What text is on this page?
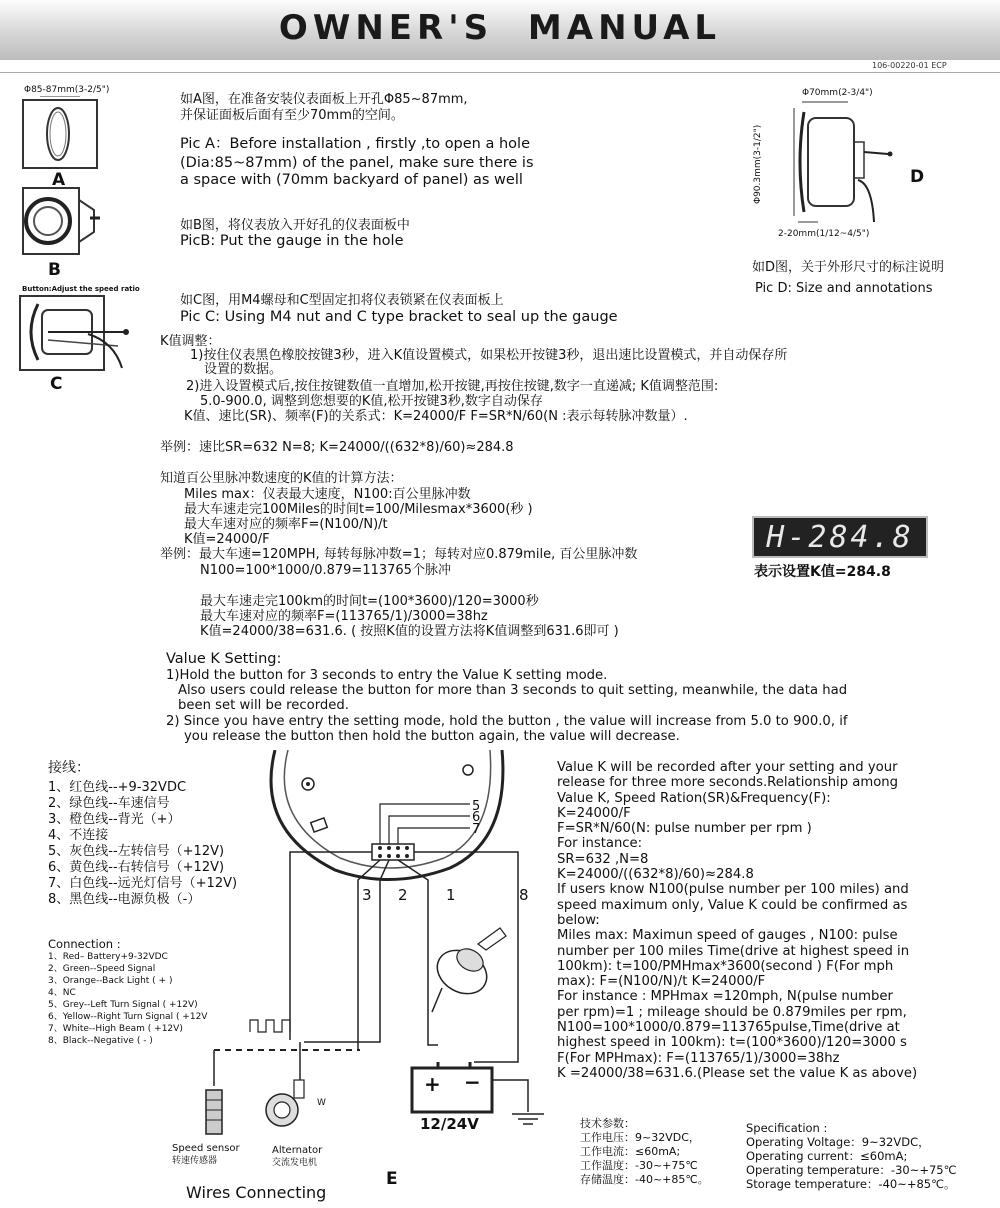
OWNER'S MANUAL
106-00220-01 ECP
Φ85-87mm(3-2/5")
A
B
Button:Adjust the speed ratio
C
如A图，在准备安装仪表面板上开孔Φ85~87mm,
并保证面板后面有至少70mm的空间。
Pic A：Before installation , firstly ,to open a hole
(Dia:85~87mm) of the panel, make sure there is
a space with (70mm backyard of panel) as well
如B图，将仪表放入开好孔的仪表面板中
PicB: Put the gauge in the hole
如C图，用M4螺母和C型固定扣将仪表锁紧在仪表面板上
Pic C: Using M4 nut and C type bracket to seal up the gauge
Φ70mm(2-3/4")
Φ90.3mm(3-1/2")	D
2-20mm(1/12~4/5")
如D图，关于外形尺寸的标注说明
Pic D: Size and annotations
K值调整：
1)按住仪表黑色橡胶按键3秒，进入K值设置模式，如果松开按键3秒，退出速比设置模式，并自动保存所
设置的数据。
2)进入设置模式后,按住按键数值一直增加,松开按键,再按住按键,数字一直递减; K值调整范围:
5.0-900.0, 调整到您想要的K值,松开按键3秒,数字自动保存
K值、速比(SR)、频率(F)的关系式：K=24000/F F=SR*N/60(N :表示每转脉冲数量）.
举例：速比SR=632 N=8; K=24000/((632*8)/60)≈284.8
知道百公里脉冲数速度的K值的计算方法：
Miles max：仪表最大速度，N100:百公里脉冲数
最大车速走完100Miles的时间t=100/Milesmax*3600(秒 )
最大车速对应的频率F=(N100/N)/t
K值=24000/F
举例：最大车速=120MPH, 每转每脉冲数=1；每转对应0.879mile, 百公里脉冲数
N100=100*1000/0.879=113765个脉冲
最大车速走完100km的时间t=(100*3600)/120=3000秒
最大车速对应的频率F=(113765/1)/3000=38hz
K值=24000/38=631.6. ( 按照K值的设置方法将K值调整到631.6即可 )
H-284.8
表示设置K值=284.8
Value K Setting:
1)Hold the button for 3 seconds to entry the Value K setting mode.
Also users could release the button for more than 3 seconds to quit setting, meanwhile, the data had
been set will be recorded.
2) Since you have entry the setting mode, hold the button , the value will increase from 5.0 to 900.0, if
you release the button then hold the button again, the value will decrease.
接线：
1、红色线--+9-32VDC
2、绿色线--车速信号
3、橙色线--背光（+）
4、不连接
5、灰色线--左转信号（+12V)
6、黄色线--右转信号（+12V)
7、白色线--远光灯信号（+12V)
8、黑色线--电源负极（-）
Connection :
1、Red– Battery+9-32VDC
2、Green--Speed Signal
3、Orange--Back Light ( + )
4、NC
5、Grey--Left Turn Signal ( +12V)
6、Yellow--Right Turn Signal ( +12V
7、White--High Beam ( +12V)
8、Black--Negative ( - )
5
6
7
3 2	1	8
+ −
12/24V
W
Speed sensor
转速传感器
Alternator
交流发电机
Wires Connecting
E
Value K will be recorded after your setting and your
release for three more seconds.Relationship among
Value K, Speed Ration(SR)&Frequency(F):
K=24000/F
F=SR*N/60(N: pulse number per rpm )
For instance:
SR=632 ,N=8
K=24000/((632*8)/60)≈284.8
If users know N100(pulse number per 100 miles) and
speed maximum only, Value K could be confirmed as
below:
Miles max: Maximun speed of gauges , N100: pulse
number per 100 miles Time(drive at highest speed in
100km): t=100/PMHmax*3600(second ) F(For mph
max): F=(N100/N)/t K=24000/F
For instance : MPHmax =120mph, N(pulse number
per rpm)=1 ; mileage should be 0.879miles per rpm,
N100=100*1000/0.879=113765pulse,Time(drive at
highest speed in 100km): t=(100*3600)/120=3000 s
F(For MPHmax): F=(113765/1)/3000=38hz
K =24000/38=631.6.(Please set the value K as above)
技术参数：
工作电压：9~32VDC，
工作电流：≤60mA;
工作温度：-30~+75℃
存储温度：-40~+85℃。
Specification :
Operating Voltage：9~32VDC，
Operating current：≤60mA;
Operating temperature：-30~+75℃
Storage temperature：-40~+85℃。
